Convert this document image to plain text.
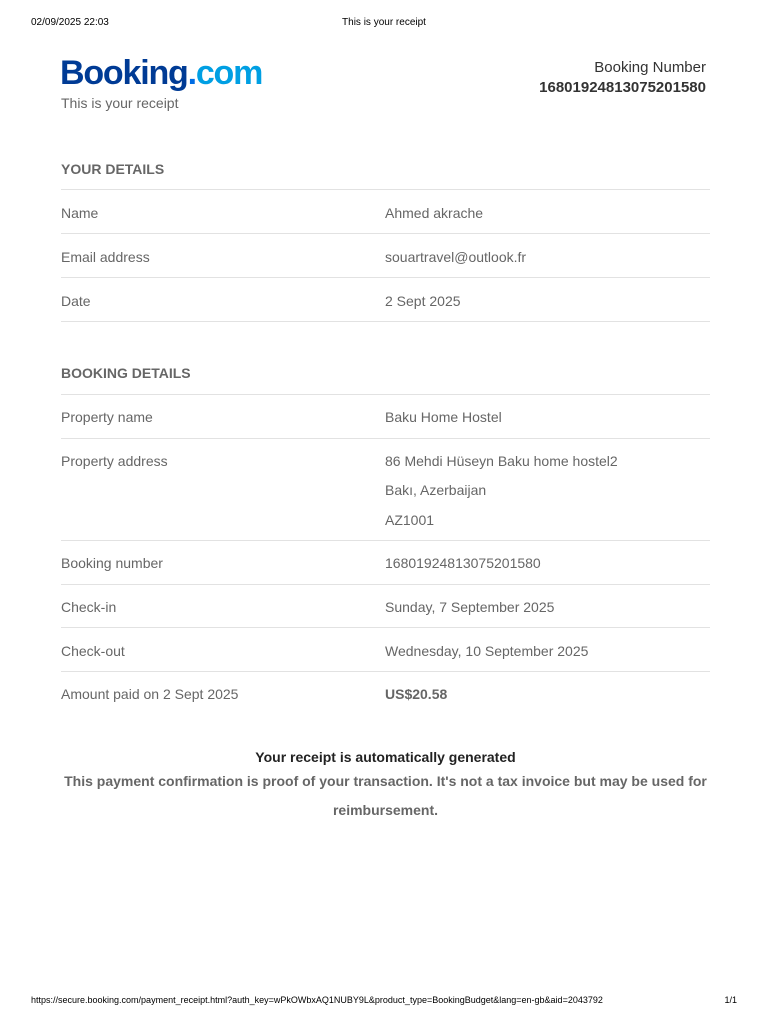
02/09/2025 22:03	This is your receipt
Booking.com
This is your receipt
Booking Number
16801924813075201580
YOUR DETAILS
Name	Ahmed akrache
Email address	souartravel@outlook.fr
Date	2 Sept 2025
BOOKING DETAILS
Property name	Baku Home Hostel
Property address	86 Mehdi Hüseyn Baku home hostel2
Bakı, Azerbaijan
AZ1001
Booking number	16801924813075201580
Check-in	Sunday, 7 September 2025
Check-out	Wednesday, 10 September 2025
Amount paid on 2 Sept 2025	US$20.58
Your receipt is automatically generated
This payment confirmation is proof of your transaction. It's not a tax invoice but may be used for reimbursement.
https://secure.booking.com/payment_receipt.html?auth_key=wPkOWbxAQ1NUBY9L&product_type=BookingBudget&lang=en-gb&aid=2043792	1/1
